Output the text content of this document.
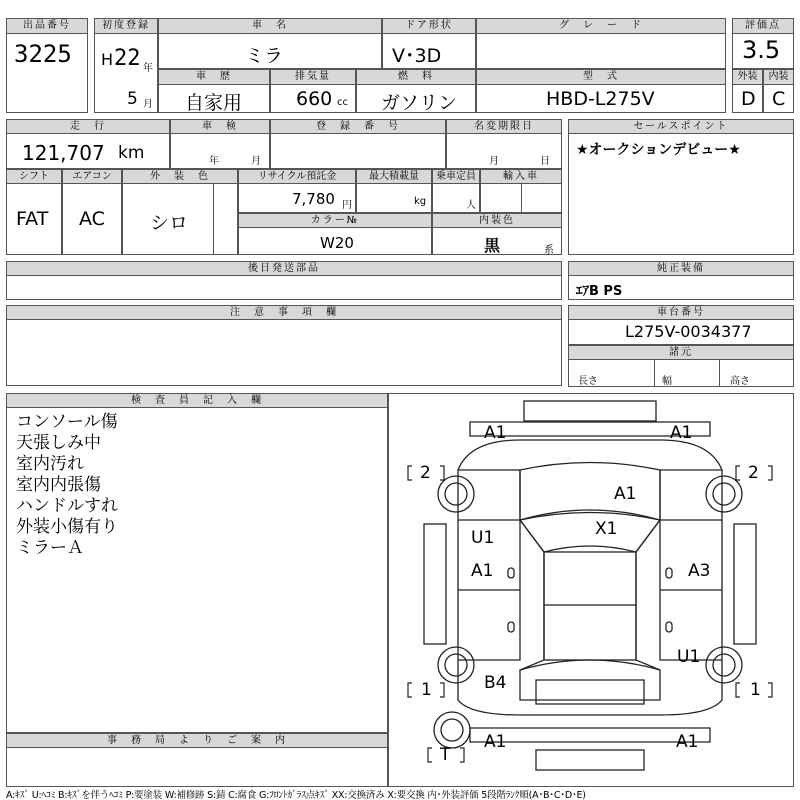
出品番号
3225
初度登録
H 22 年
5 月
車　名
ミラ
ドア形状
V･3D
グ　レ　ー　ド	評価点
3.5
車　歴
自家用
排気量
660 cc
燃　料
ガソリン
型　式
HBD-L275V
外装
D
内装
C
走　行
121,707 km
車　検
年	月
登　録　番　号	名変期限日
月	日
セールスポイント
★オークションデビュー★
シフト
FAT
エアコン
AC
外　装　色
シロ
リサイクル預託金
7,780 円
最大積載量
kg
乗車定員
人
輸入車
カラー№
W20
内装色
黒	系
後日発送部品	純正装備
ｴｱB PS
注　意　事　項　欄	車台番号
L275V-0034377
諸元
長さ	幅	高さ
検　査　員　記　入　欄
コンソール傷
天張しみ中
室内汚れ
室内内張傷
ハンドルすれ
外装小傷有り
ミラーＡ
事　務　局　よ　り　ご　案　内
A1	A1
2	2
A1
X1
U1
A1	A3
U1
B4
1	1
A1	A1
T
A:ｷｽﾞ U:ﾍｺﾐ B:ｷｽﾞを伴うﾍｺﾐ P:要塗装 W:補修跡 S:錆 C:腐食 G:ﾌﾛﾝﾄｶﾞﾗｽ点ｷｽﾞ XX:交換済み X:要交換 内･外装評価 5段階ﾗﾝｸ順(A･B･C･D･E)
